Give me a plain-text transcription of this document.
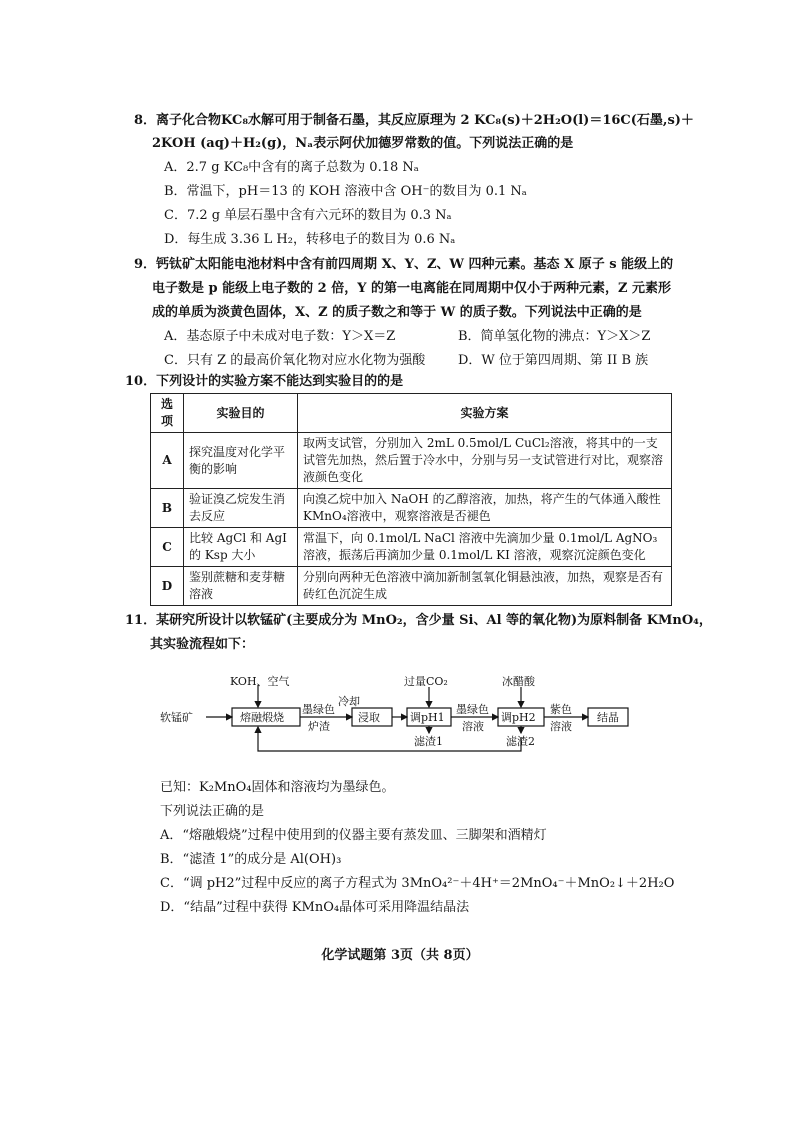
8．离子化合物KC₈水解可用于制备石墨，其反应原理为 2 KC₈(s)＋2H₂O(l)＝16C(石墨,s)＋
2KOH (aq)＋H₂(g)，Nₐ表示阿伏加德罗常数的值。下列说法正确的是
A．2.7 g KC₈中含有的离子总数为 0.18 Nₐ
B．常温下，pH＝13 的 KOH 溶液中含 OH⁻的数目为 0.1 Nₐ
C．7.2 g 单层石墨中含有六元环的数目为 0.3 Nₐ
D．每生成 3.36 L H₂，转移电子的数目为 0.6 Nₐ
9．钙钛矿太阳能电池材料中含有前四周期 X、Y、Z、W 四种元素。基态 X 原子 s 能级上的
电子数是 p 能级上电子数的 2 倍，Y 的第一电离能在同周期中仅小于两种元素，Z 元素形
成的单质为淡黄色固体，X、Z 的质子数之和等于 W 的质子数。下列说法中正确的是
A．基态原子中未成对电子数：Y＞X＝Z	B．简单氢化物的沸点：Y＞X＞Z
C．只有 Z 的最高价氧化物对应水化物为强酸	D．W 位于第四周期、第 II B 族
10．下列设计的实验方案不能达到实验目的的是
选项	实验目的	实验方案
A	探究温度对化学平衡的影响	取两支试管，分别加入 2mL 0.5mol/L CuCl₂溶液，将其中的一支试管先加热，然后置于冷水中，分别与另一支试管进行对比，观察溶液颜色变化
B	验证溴乙烷发生消去反应	向溴乙烷中加入 NaOH 的乙醇溶液，加热，将产生的气体通入酸性 KMnO₄溶液中，观察溶液是否褪色
C	比较 AgCl 和 AgI 的 Ksp 大小	常温下，向 0.1mol/L NaCl 溶液中先滴加少量 0.1mol/L AgNO₃溶液，振荡后再滴加少量 0.1mol/L KI 溶液，观察沉淀颜色变化
D	鉴别蔗糖和麦芽糖溶液	分别向两种无色溶液中滴加新制氢氧化铜悬浊液，加热，观察是否有砖红色沉淀生成
11．某研究所设计以软锰矿(主要成分为 MnO₂，含少量 Si、Al 等的氧化物)为原料制备 KMnO₄，
其实验流程如下：
软锰矿
KOH、空气
熔融煅烧
墨绿色
炉渣
冷却
浸取	调pH1
过量CO₂
滤渣1
墨绿色
溶液
冰醋酸
调pH2
滤渣2
紫色
溶液
结晶
已知：K₂MnO₄固体和溶液均为墨绿色。
下列说法正确的是
A．“熔融煅烧”过程中使用到的仪器主要有蒸发皿、三脚架和酒精灯
B．“滤渣 1”的成分是 Al(OH)₃
C．“调 pH2”过程中反应的离子方程式为 3MnO₄²⁻＋4H⁺＝2MnO₄⁻＋MnO₂↓＋2H₂O
D．“结晶”过程中获得 KMnO₄晶体可采用降温结晶法
化学试题第 3页（共 8页）
